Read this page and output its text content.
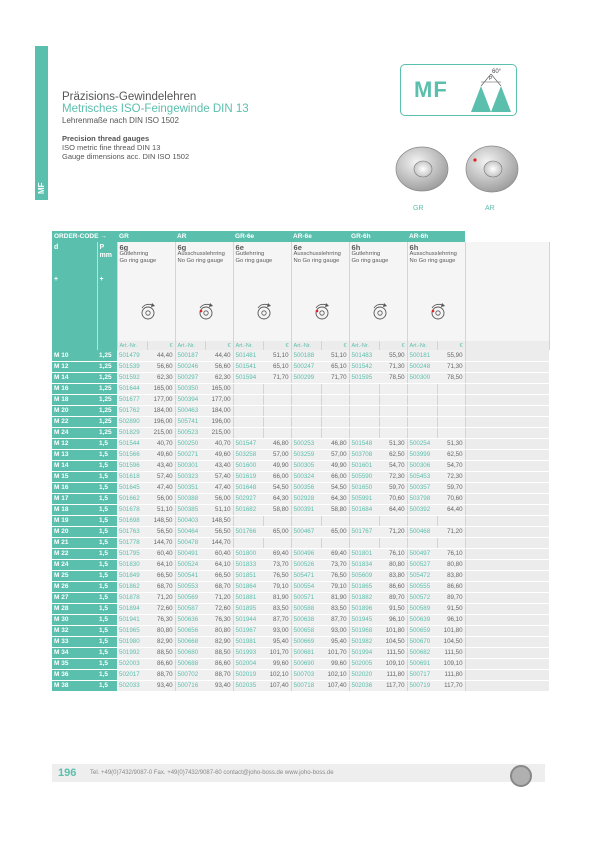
MF
Präzisions-Gewindelehren
Metrisches ISO-Feingewinde DIN 13
Lehrenmaße nach DIN ISO 1502
Precision thread gauges
ISO metric fine thread DIN 13
Gauge dimensions acc. DIN ISO 1502
MF
60°
P
GR	AR
ORDER-CODE →		GR		AR		GR-6e		AR-6e		GR-6h		AR-6h		
d

+	P
mm

+	6g
Gutlehrring
Go ring gauge		6g
Ausschusslehrring
No Go ring gauge		6e
Gutlehrring
Go ring gauge		6e
Ausschusslehrring
No Go ring gauge		6h
Gutlehrring
Go ring gauge		6h
Ausschusslehrring
No Go ring gauge	

		Art.-Nr.	€	Art.-Nr.	€	Art.-Nr.	€	Art.-Nr.	€	Art.-Nr.	€	Art.-Nr.	€	
M 10	1,25	501479	44,40	500187	44,40	501481	51,10	500188	51,10	501483	55,90	500181	55,90	
M 12	1,25	501539	56,60	500246	56,60	501541	65,10	500247	65,10	501542	71,30	500248	71,30	
M 14	1,25	501592	62,30	500297	62,30	501594	71,70	500299	71,70	501595	78,50	500300	78,50	
M 16	1,25	501644	165,00	500350	165,00									
M 18	1,25	501677	177,00	500394	177,00									
M 20	1,25	501762	184,00	500463	184,00									
M 22	1,25	502890	196,00	505741	196,00									
M 24	1,25	501829	215,00	500523	215,00									
M 12	1,5	501544	40,70	500250	40,70	501547	46,80	500253	46,80	501548	51,30	500254	51,30	
M 13	1,5	501566	49,60	500271	49,60	503258	57,00	503259	57,00	503708	62,50	503999	62,50	
M 14	1,5	501596	43,40	500301	43,40	501600	49,90	500305	49,90	501601	54,70	500306	54,70	
M 15	1,5	501618	57,40	500323	57,40	501619	66,00	500324	66,00	505590	72,30	505453	72,30	
M 16	1,5	501645	47,40	500351	47,40	501648	54,50	500356	54,50	501650	59,70	500357	59,70	
M 17	1,5	501662	56,00	500388	56,00	502927	64,30	502928	64,30	505991	70,60	503798	70,60	
M 18	1,5	501678	51,10	500385	51,10	501682	58,80	500391	58,80	501684	64,40	500392	64,40	
M 19	1,5	501698	148,50	500403	148,50									
M 20	1,5	501763	56,50	500464	56,50	501766	65,00	500467	65,00	501767	71,20	500468	71,20	
M 21	1,5	501778	144,70	500478	144,70									
M 22	1,5	501795	60,40	500491	60,40	501800	69,40	500496	69,40	501801	76,10	500497	76,10	
M 24	1,5	501830	64,10	500524	64,10	501833	73,70	500526	73,70	501834	80,80	500527	80,80	
M 25	1,5	501849	66,50	500541	66,50	501851	76,50	505471	76,50	505609	83,80	505472	83,80	
M 26	1,5	501862	68,70	500553	68,70	501864	79,10	500554	79,10	501865	86,60	500555	86,60	
M 27	1,5	501878	71,20	500569	71,20	501881	81,90	500571	81,90	501882	89,70	500572	89,70	
M 28	1,5	501894	72,60	500587	72,60	501895	83,50	500588	83,50	501896	91,50	500589	91,50	
M 30	1,5	501941	76,30	500636	76,30	501944	87,70	500638	87,70	501945	96,10	500639	96,10	
M 32	1,5	501965	80,80	500656	80,80	501967	93,00	500658	93,00	501968	101,80	500659	101,80	
M 33	1,5	501980	82,90	500668	82,90	501981	95,40	500669	95,40	501982	104,50	500670	104,50	
M 34	1,5	501992	88,50	500680	88,50	501993	101,70	500681	101,70	501994	111,50	500682	111,50	
M 35	1,5	502003	86,60	500688	86,60	502004	99,60	500690	99,60	502005	109,10	500691	109,10	
M 36	1,5	502017	88,70	500702	88,70	502019	102,10	500703	102,10	502020	111,80	500717	111,80	
M 38	1,5	502033	93,40	500716	93,40	502035	107,40	500718	107,40	502036	117,70	500719	117,70	
196 Tel. +49(0)7432/9087-0 Fax. +49(0)7432/9087-60 contact@joho-boss.de www.joho-boss.de
